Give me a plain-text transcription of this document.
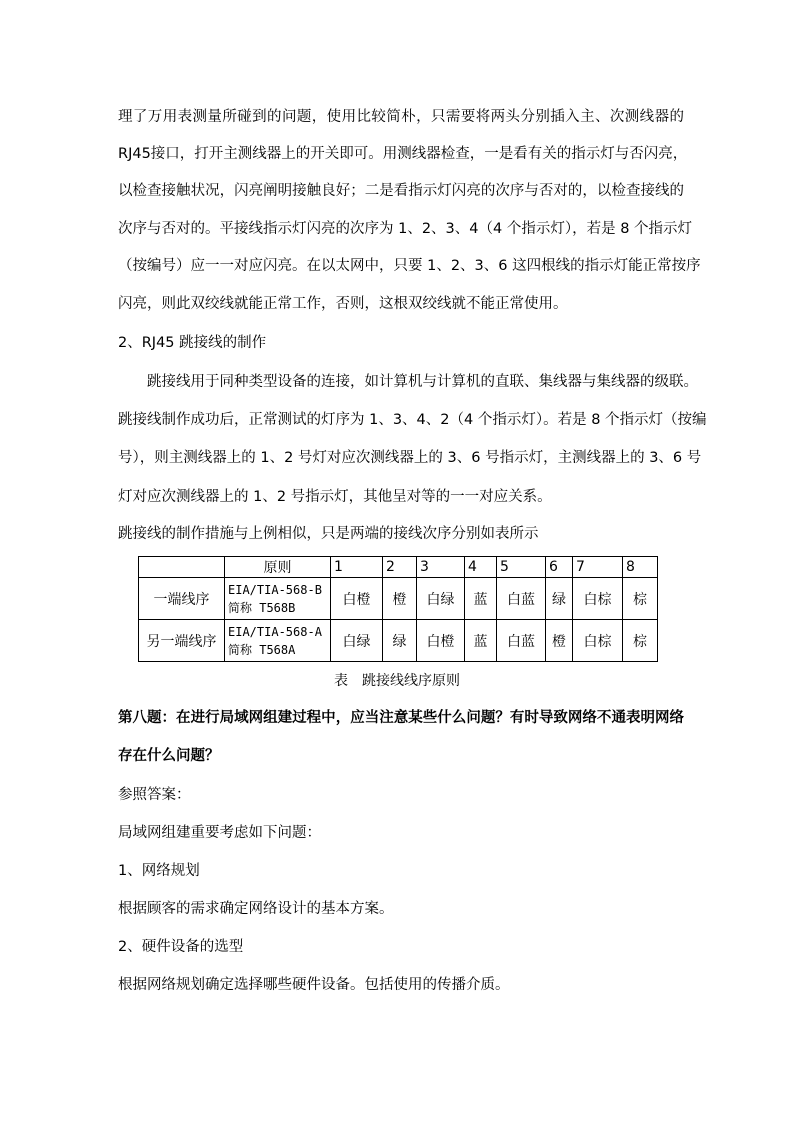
理了万用表测量所碰到的问题，使用比较简朴，只需要将两头分别插入主、次测线器的
RJ45接口，打开主测线器上的开关即可。用测线器检查，一是看有关的指示灯与否闪亮，
以检查接触状况，闪亮阐明接触良好；二是看指示灯闪亮的次序与否对的，以检查接线的
次序与否对的。平接线指示灯闪亮的次序为 1、2、3、4（4 个指示灯），若是 8 个指示灯
（按编号）应一一对应闪亮。在以太网中，只要 1、2、3、6 这四根线的指示灯能正常按序
闪亮，则此双绞线就能正常工作，否则，这根双绞线就不能正常使用。
2、RJ45 跳接线的制作
　　跳接线用于同种类型设备的连接，如计算机与计算机的直联、集线器与集线器的级联。
跳接线制作成功后，正常测试的灯序为 1、3、4、2（4 个指示灯）。若是 8 个指示灯（按编
号），则主测线器上的 1、2 号灯对应次测线器上的 3、6 号指示灯，主测线器上的 3、6 号
灯对应次测线器上的 1、2 号指示灯，其他呈对等的一一对应关系。
跳接线的制作措施与上例相似，只是两端的接线次序分别如表所示
	原则	1	2	3	4	5	6	7	8
一端线序	EIA/TIA-568-B
简称 T568B	白橙	橙	白绿	蓝	白蓝	绿	白棕	棕
另一端线序	EIA/TIA-568-A
简称 T568A	白绿	绿	白橙	蓝	白蓝	橙	白棕	棕
表　跳接线线序原则
第八题：在进行局域网组建过程中，应当注意某些什么问题？有时导致网络不通表明网络
存在什么问题？
参照答案：
局域网组建重要考虑如下问题：
1、网络规划
根据顾客的需求确定网络设计的基本方案。
2、硬件设备的选型
根据网络规划确定选择哪些硬件设备。包括使用的传播介质。
